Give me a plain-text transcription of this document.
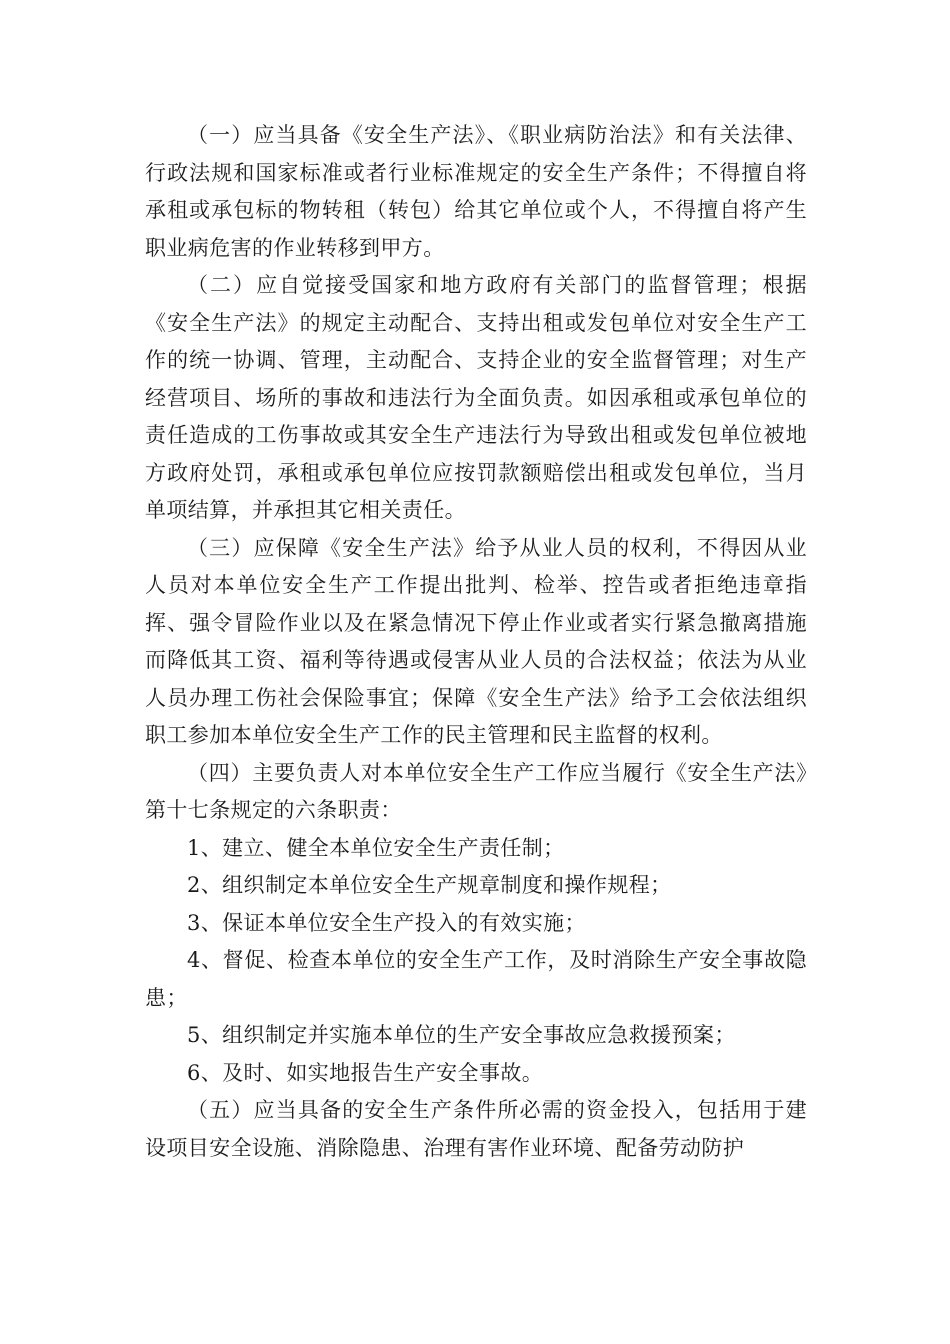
（一）应当具备《安全生产法》、《职业病防治法》和有关法律、行政法规和国家标准或者行业标准规定的安全生产条件；不得擅自将承租或承包标的物转租（转包）给其它单位或个人，不得擅自将产生职业病危害的作业转移到甲方。

（二）应自觉接受国家和地方政府有关部门的监督管理；根据《安全生产法》的规定主动配合、支持出租或发包单位对安全生产工作的统一协调、管理，主动配合、支持企业的安全监督管理；对生产经营项目、场所的事故和违法行为全面负责。如因承租或承包单位的责任造成的工伤事故或其安全生产违法行为导致出租或发包单位被地方政府处罚，承租或承包单位应按罚款额赔偿出租或发包单位，当月单项结算，并承担其它相关责任。

（三）应保障《安全生产法》给予从业人员的权利，不得因从业人员对本单位安全生产工作提出批判、检举、控告或者拒绝违章指挥、强令冒险作业以及在紧急情况下停止作业或者实行紧急撤离措施而降低其工资、福利等待遇或侵害从业人员的合法权益；依法为从业人员办理工伤社会保险事宜；保障《安全生产法》给予工会依法组织职工参加本单位安全生产工作的民主管理和民主监督的权利。

（四）主要负责人对本单位安全生产工作应当履行《安全生产法》第十七条规定的六条职责：

1、建立、健全本单位安全生产责任制；

2、组织制定本单位安全生产规章制度和操作规程；

3、保证本单位安全生产投入的有效实施；

4、督促、检查本单位的安全生产工作，及时消除生产安全事故隐患；

5、组织制定并实施本单位的生产安全事故应急救援预案；

6、及时、如实地报告生产安全事故。

（五）应当具备的安全生产条件所必需的资金投入，包括用于建设项目安全设施、消除隐患、治理有害作业环境、配备劳动防护
